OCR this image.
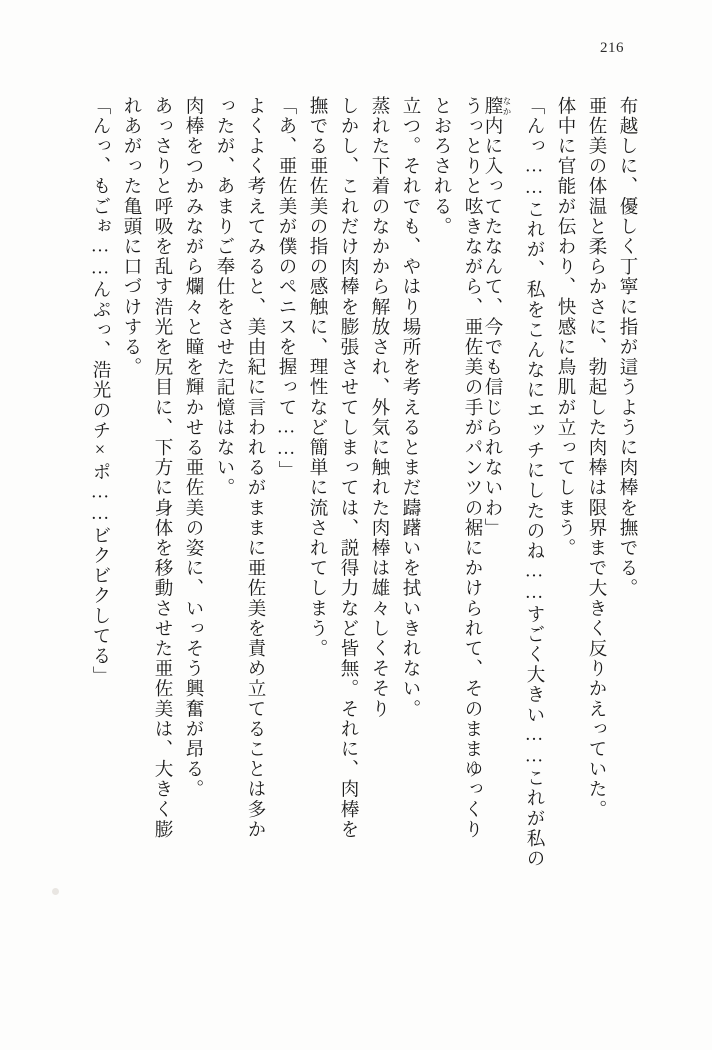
216
「んっ、もごぉ……んぷっ、浩光のチ×ポ……ビクビクしてる」 れあがった亀頭に口づけする。 あっさりと呼吸を乱す浩光を尻目に、下方に身体を移動させた亜佐美は、大きく膨 肉棒をつかみながら爛々と瞳を輝かせる亜佐美の姿に、いっそう興奮が昂る。 ったが、あまりご奉仕をさせた記憶はない。 よくよく考えてみると、美由紀に言われるがままに亜佐美を責め立てることは多か 「あ、亜佐美が僕のペニスを握って……」 撫でる亜佐美の指の感触に、理性など簡単に流されてしまう。 しかし、これだけ肉棒を膨張させてしまっては、説得力など皆無。それに、肉棒を 蒸れた下着のなかから解放され、外気に触れた肉棒は雄々しくそそり 立つ。それでも、やはり場所を考えるとまだ躊躇いを拭いきれない。 とおろされる。 うっとりと呟きながら、亜佐美の手がパンツの裾にかけられて、そのままゆっくり 膣 なか内に入ってたなんて、今でも信じられないわ」	「んっ……これが、私をこんなにエッチにしたのね……すごく大きい……これが私の 体中に官能が伝わり、快感に鳥肌が立ってしまう。 亜佐美の体温と柔らかさに、勃起した肉棒は限界まで大きく反りかえっていた。 布越しに、優しく丁寧に指が這うように肉棒を撫でる。
